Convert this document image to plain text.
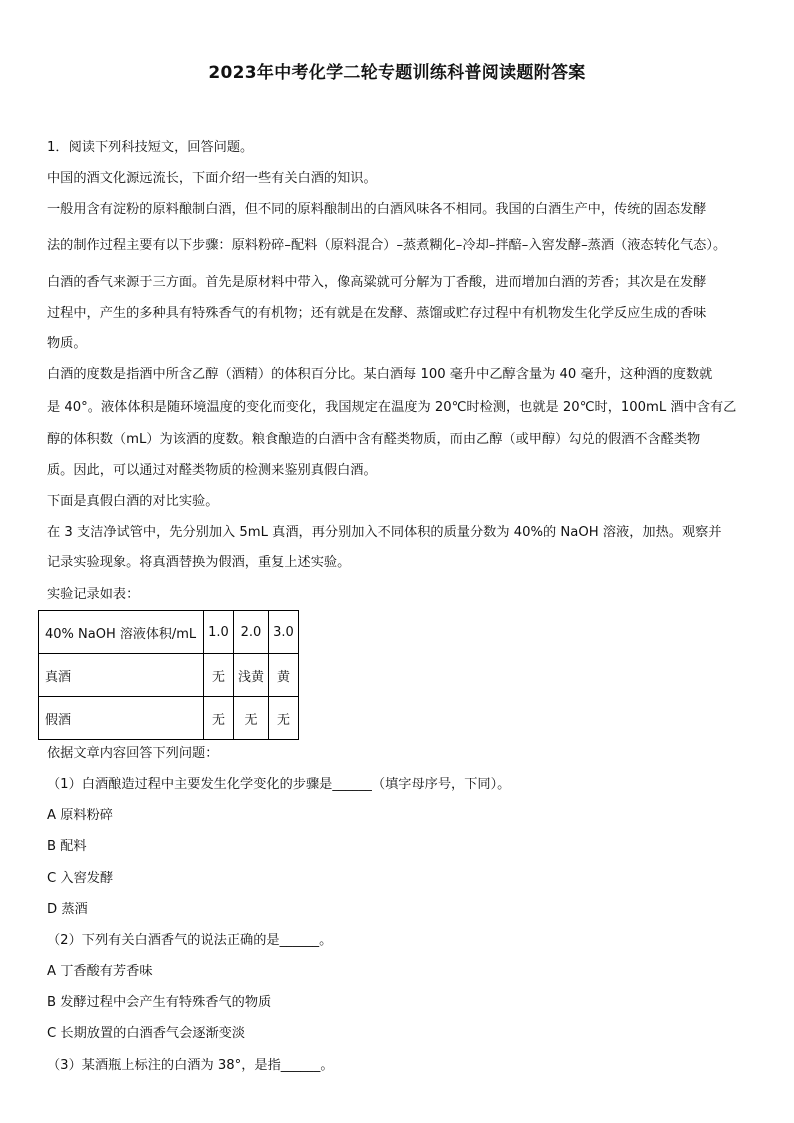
2023年中考化学二轮专题训练科普阅读题附答案
1．阅读下列科技短文，回答问题。
中国的酒文化源远流长，下面介绍一些有关白酒的知识。
一般用含有淀粉的原料酿制白酒，但不同的原料酿制出的白酒风味各不相同。我国的白酒生产中，传统的固态发酵
法的制作过程主要有以下步骤：原料粉碎–配料（原料混合）–蒸煮糊化–冷却–拌醅–入窖发酵–蒸酒（液态转化气态）。
白酒的香气来源于三方面。首先是原材料中带入，像高粱就可分解为丁香酸，进而增加白酒的芳香；其次是在发酵
过程中，产生的多种具有特殊香气的有机物；还有就是在发酵、蒸馏或贮存过程中有机物发生化学反应生成的香味
物质。
白酒的度数是指酒中所含乙醇（酒精）的体积百分比。某白酒每 100 毫升中乙醇含量为 40 毫升，这种酒的度数就
是 40°。液体体积是随环境温度的变化而变化，我国规定在温度为 20℃时检测，也就是 20℃时，100mL 酒中含有乙
醇的体积数（mL）为该酒的度数。粮食酿造的白酒中含有醛类物质，而由乙醇（或甲醇）勾兑的假酒不含醛类物
质。因此，可以通过对醛类物质的检测来鉴别真假白酒。
下面是真假白酒的对比实验。
在 3 支洁净试管中，先分别加入 5mL 真酒，再分别加入不同体积的质量分数为 40%的 NaOH 溶液，加热。观察并
记录实验现象。将真酒替换为假酒，重复上述实验。
实验记录如表：
40% NaOH 溶液体积/mL	1.0	2.0	3.0
真酒	无	浅黄	黄
假酒	无	无	无
依据文章内容回答下列问题：
（1）白酒酿造过程中主要发生化学变化的步骤是______（填字母序号，下同）。
A 原料粉碎
B 配料
C 入窖发酵
D 蒸酒
（2）下列有关白酒香气的说法正确的是______。
A 丁香酸有芳香味
B 发酵过程中会产生有特殊香气的物质
C 长期放置的白酒香气会逐渐变淡
（3）某酒瓶上标注的白酒为 38°，是指______。
